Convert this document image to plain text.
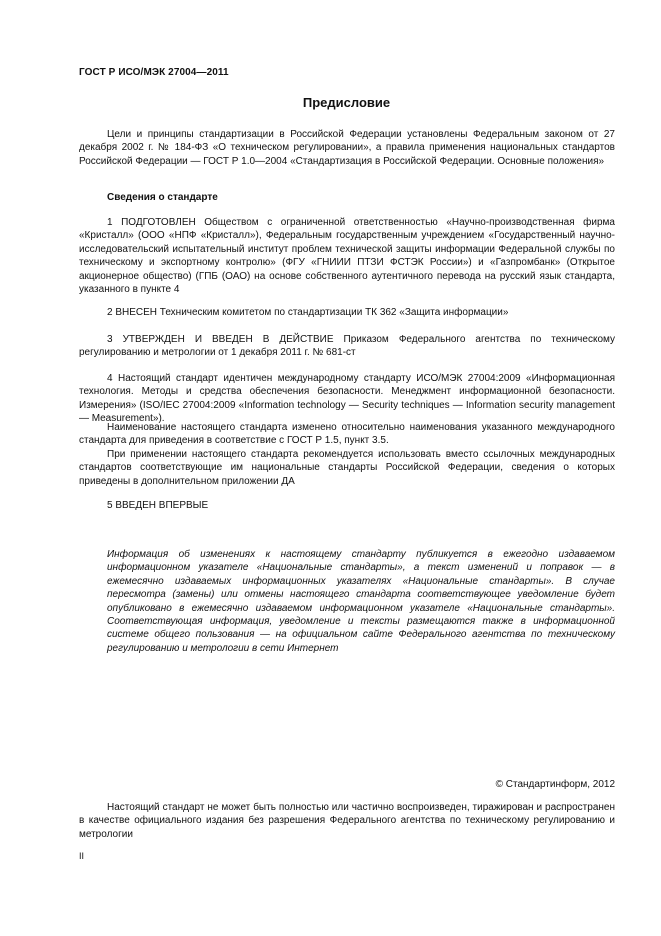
ГОСТ Р ИСО/МЭК 27004—2011
Предисловие

Цели и принципы стандартизации в Российской Федерации установлены Федеральным законом от 27 декабря 2002 г. № 184-ФЗ «О техническом регулировании», а правила применения национальных стандартов Российской Федерации — ГОСТ Р 1.0—2004 «Стандартизация в Российской Федерации. Основные положения»

Сведения о стандарте

1 ПОДГОТОВЛЕН Обществом с ограниченной ответственностью «Научно-производственная фирма «Кристалл» (ООО «НПФ «Кристалл»), Федеральным государственным учреждением «Государственный научно-исследовательский испытательный институт проблем технической защиты информации Федеральной службы по техническому и экспортному контролю» (ФГУ «ГНИИИ ПТЗИ ФСТЭК России») и «Газпромбанк» (Открытое акционерное общество) (ГПБ (ОАО) на основе собственного аутентичного перевода на русский язык стандарта, указанного в пункте 4

2 ВНЕСЕН Техническим комитетом по стандартизации ТК 362 «Защита информации»

3 УТВЕРЖДЕН И ВВЕДЕН В ДЕЙСТВИЕ Приказом Федерального агентства по техническому регулированию и метрологии от 1 декабря 2011 г. № 681-ст

4 Настоящий стандарт идентичен международному стандарту ИСО/МЭК 27004:2009 «Информационная технология. Методы и средства обеспечения безопасности. Менеджмент информационной безопасности. Измерения» (ISO/IEC 27004:2009 «Information technology — Security techniques — Information security management — Measurement»).

Наименование настоящего стандарта изменено относительно наименования указанного международного стандарта для приведения в соответствие с ГОСТ Р 1.5, пункт 3.5.

При применении настоящего стандарта рекомендуется использовать вместо ссылочных международных стандартов соответствующие им национальные стандарты Российской Федерации, сведения о которых приведены в дополнительном приложении ДА

5 ВВЕДЕН ВПЕРВЫЕ

Информация об изменениях к настоящему стандарту публикуется в ежегодно издаваемом информационном указателе «Национальные стандарты», а текст изменений и поправок — в ежемесячно издаваемых информационных указателях «Национальные стандарты». В случае пересмотра (замены) или отмены настоящего стандарта соответствующее уведомление будет опубликовано в ежемесячно издаваемом информационном указателе «Национальные стандарты». Соответствующая информация, уведомление и тексты размещаются также в информационной системе общего пользования — на официальном сайте Федерального агентства по техническому регулированию и метрологии в сети Интернет

© Стандартинформ, 2012

Настоящий стандарт не может быть полностью или частично воспроизведен, тиражирован и распространен в качестве официального издания без разрешения Федерального агентства по техническому регулированию и метрологии

II
